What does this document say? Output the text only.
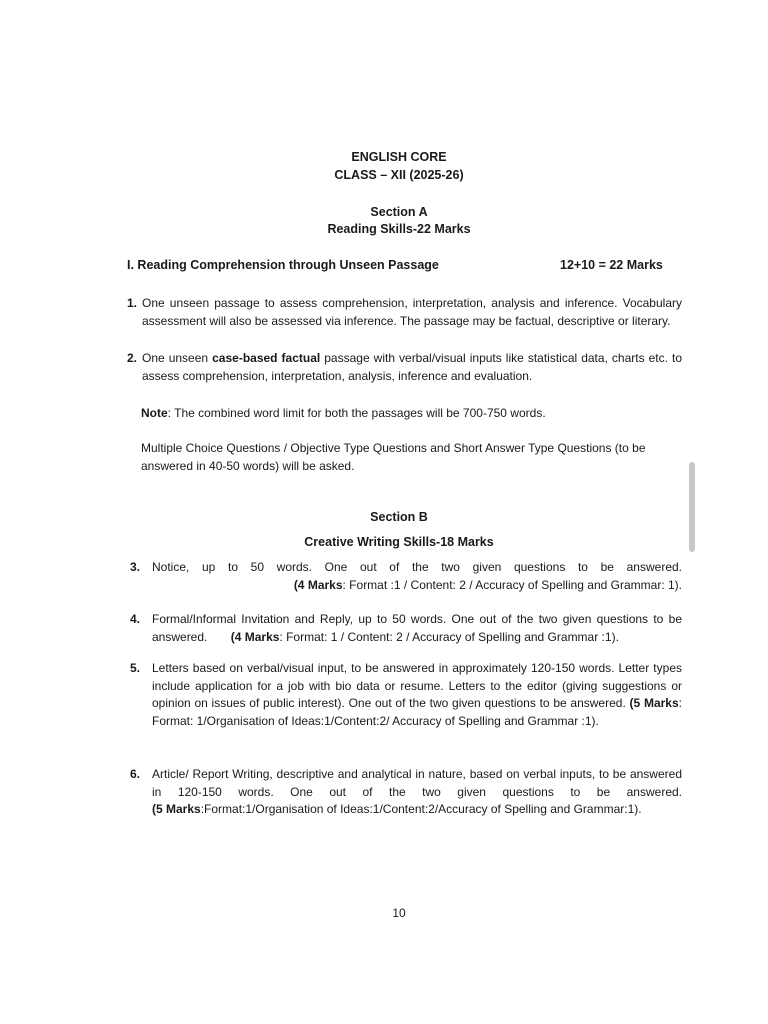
ENGLISH CORE
CLASS – XII (2025-26)
Section A
Reading Skills-22 Marks
I. Reading Comprehension through Unseen Passage	12+10 = 22 Marks
1. One unseen passage to assess comprehension, interpretation, analysis and inference. Vocabulary assessment will also be assessed via inference. The passage may be factual, descriptive or literary.
2. One unseen case-based factual passage with verbal/visual inputs like statistical data, charts etc. to assess comprehension, interpretation, analysis, inference and evaluation.
Note: The combined word limit for both the passages will be 700-750 words.
Multiple Choice Questions / Objective Type Questions and Short Answer Type Questions (to be answered in 40-50 words) will be asked.
Section B
Creative Writing Skills-18 Marks
3. Notice, up to 50 words. One out of the two given questions to be answered.
(4 Marks: Format :1 / Content: 2 / Accuracy of Spelling and Grammar: 1).
4. Formal/Informal Invitation and Reply, up to 50 words. One out of the two given questions to be answered. (4 Marks: Format: 1 / Content: 2 / Accuracy of Spelling and Grammar :1).
5. Letters based on verbal/visual input, to be answered in approximately 120-150 words. Letter types include application for a job with bio data or resume. Letters to the editor (giving suggestions or opinion on issues of public interest). One out of the two given questions to be answered. (5 Marks: Format: 1/Organisation of Ideas:1/Content:2/ Accuracy of Spelling and Grammar :1).
6. Article/ Report Writing, descriptive and analytical in nature, based on verbal inputs, to be answered in 120-150 words. One out of the two given questions to be answered.
(5 Marks:Format:1/Organisation of Ideas:1/Content:2/Accuracy of Spelling and Grammar:1).
10
